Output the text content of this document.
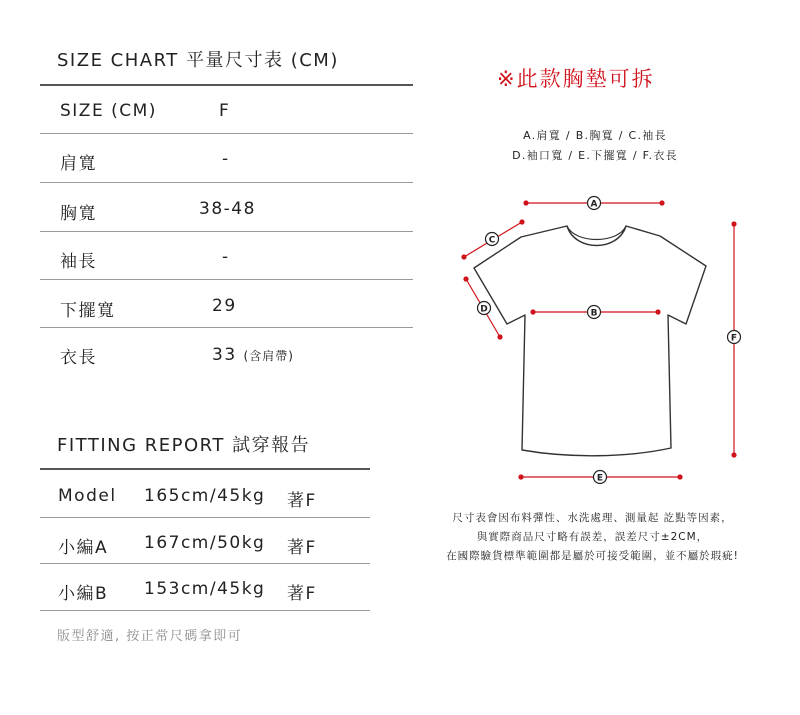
SIZE CHART 平量尺寸表 (CM)
SIZE (CM)	F
肩寬	-
胸寬	38-48
袖長	-
下擺寬	29
衣長	33 (含肩帶)
FITTING REPORT 試穿報告
Model 165cm/45kg 著F
小編A 167cm/50kg 著F
小編B 153cm/45kg 著F
版型舒適, 按正常尺碼拿即可
※此款胸墊可拆
A.肩寬 / B.胸寬 / C.袖長
D.袖口寬 / E.下擺寬 / F.衣長
A
B
C
D
E
F
尺寸表會因布料彈性、水洗處理、測量起 訖點等因素，
與實際商品尺寸略有誤差，誤差尺寸±2CM，
在國際驗貨標準範圍都是屬於可接受範圍，並不屬於瑕疵!
